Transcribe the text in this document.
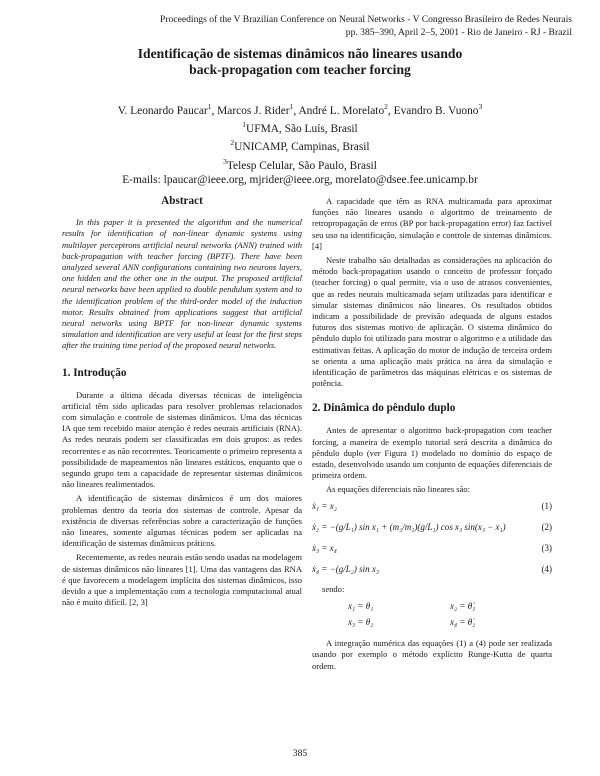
Proceedings of the V Brazilian Conference on Neural Networks - V Congresso Brasileiro de Redes Neurais
pp. 385–390, April 2–5, 2001 - Rio de Janeiro - RJ - Brazil
Identificação de sistemas dinâmicos não lineares usando
back-propagation com teacher forcing
V. Leonardo Paucar$^1$, Marcos J. Rider$^1$, André L. Morelato$^2$, Evandro B. Vuono$^3$
$^1$UFMA, São Luís, Brasil
$^2$UNICAMP, Campinas, Brasil
$^3$Telesp Celular, São Paulo, Brasil
E-mails: lpaucar@ieee.org, mjrider@ieee.org, morelato@dsee.fee.unicamp.br
Abstract

In this paper it is presented the algorithm and the numerical results for identification of non-linear dynamic systems using multilayer perceptrons artificial neural networks (ANN) trained with back-propagation with teacher forcing (BPTF). There have been analyzed several ANN configurations containing two neurons layers, one hidden and the other one in the output. The proposed artificial neural networks have been applied to double pendulum system and to the identification problem of the third-order model of the induction motor. Results obtained from applications suggest that artificial neural networks using BPTF for non-linear dynamic systems simulation and identification are very useful at least for the first steps after the training time period of the proposed neural networks.

1. Introdução

Durante a última década diversas técnicas de inteligência artificial têm sido aplicadas para resolver problemas relacionados com simulação e controle de sistemas dinâmicos. Uma das técnicas IA que tem recebido maior atenção é redes neurais artificiais (RNA). As redes neurais podem ser classificadas em dois grupos: as redes recorrentes e as não recorrentes. Teoricamente o primeiro representa a possibilidade de mapeamentos não lineares estáticos, enquanto que o segundo grupo tem a capacidade de representar sistemas dinâmicos não lineares realimentados.

A identificação de sistemas dinâmicos é um dos maiores problemas dentro da teoria dos sistemas de controle. Apesar da existência de diversas referências sobre a caracterização de funções não lineares, somente algumas técnicas podem ser aplicadas na identificação de sistemas dinâmicos práticos.

Recentemente, as redes neurais estão sendo usadas na modelagem de sistemas dinâmicos não lineares [1]. Uma das vantagens das RNA é que favorecem a modelagem implícita dos sistemas dinâmicos, isso devido a que a implementação com a tecnologia computacional atual não é muito difícil. [2, 3]

A capacidade que têm as RNA multicamada para aproximar funções não lineares usando o algoritmo de treinamento de retropropagação de erros (BP por back-propagation error) faz factível seu uso na identificação, simulação e controle de sistemas dinâmicos. [4]

Neste trabalho são detalhadas as considerações na aplicación do método back-propagation usando o conceito de professor forçado (teacher forcing) o qual permite, via o uso de atrasos convenientes, que as redes neurais multicamada sejam utilizadas para identificar e simular sistemas dinâmicos não lineares. Os resultados obtidos indicam a possibilidade de previsão adequada de alguns estados futuros dos sistemas motivo de aplicação. O sistema dinâmico do pêndulo duplo foi utilizado para mostrar o algoritmo e a utilidade das estimativas feitas. A aplicação do motor de indução de terceira ordem se orienta a uma aplicação mais prática na área da simulação e identificação de parâmetros das máquinas elétricas e os sistemas de potência.

2. Dinâmica do pêndulo duplo

Antes de apresentar o algoritmo back-propagation com teacher forcing, a maneira de exemplo tutorial será descrita a dinâmica do pêndulo duplo (ver Figura 1) modelado no domínio do espaço de estado, desenvolvido usando um conjunto de equações diferenciais de primeira ordem.

As equações diferenciais não lineares são:

ẋ₁ = x₂	(1)
ẋ₂ = −(g/L₁) sin x₁ + (m₂/m₁)(g/L₁) cos x₃ sin(x₃ − x₁)	(2)
ẋ₃ = x₄	(3)
ẋ₄ = −(g/L₂) sin x₃	(4)

sendo:

x₁ = θ₁	x₂ = θ̇₁
x₃ = θ₂	x₄ = θ̇₂

A integração numérica das equações (1) a (4) pode ser realizada usando por exemplo o método explícito Runge-Kutta de quarta ordem.

385
